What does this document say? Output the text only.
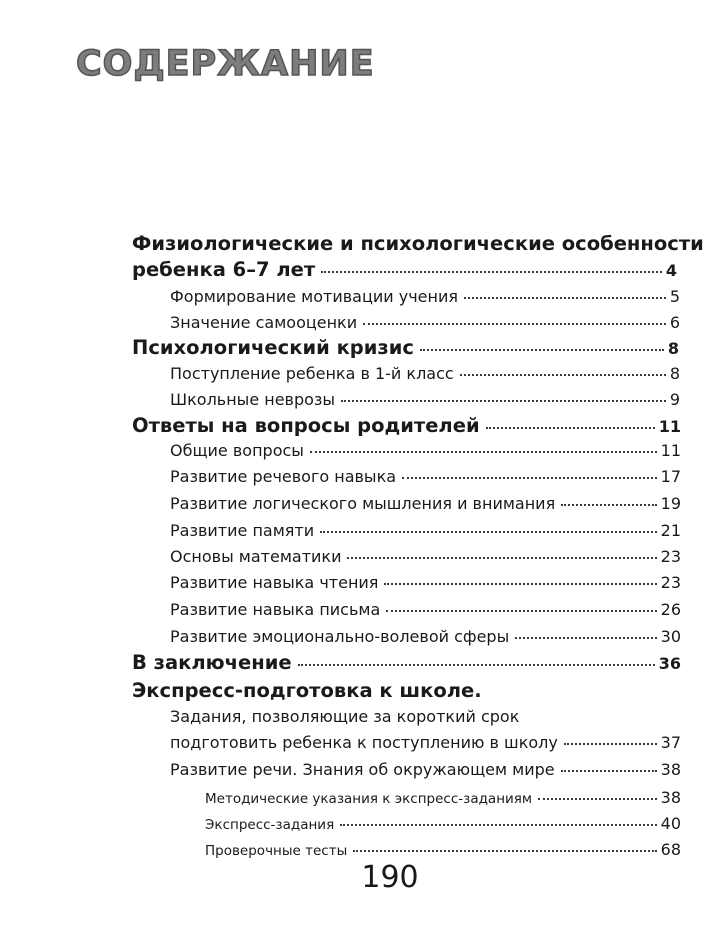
СОДЕРЖАНИЕ
Физиологические и психологические особенности
ребенка 6–7 лет	4
Формирование мотивации учения	5
Значение самооценки	6
Психологический кризис	8
Поступление ребенка в 1-й класс	8
Школьные неврозы	9
Ответы на вопросы родителей	11
Общие вопросы	11
Развитие речевого навыка	17
Развитие логического мышления и внимания	19
Развитие памяти	21
Основы математики	23
Развитие навыка чтения	23
Развитие навыка письма	26
Развитие эмоционально-волевой сферы	30
В заключение	36
Экспресс-подготовка к школе.
Задания, позволяющие за короткий срок
подготовить ребенка к поступлению в школу	37
Развитие речи. Знания об окружающем мире	38
Методические указания к экспресс-заданиям	38
Экспресс-задания	40
Проверочные тесты	68
190
